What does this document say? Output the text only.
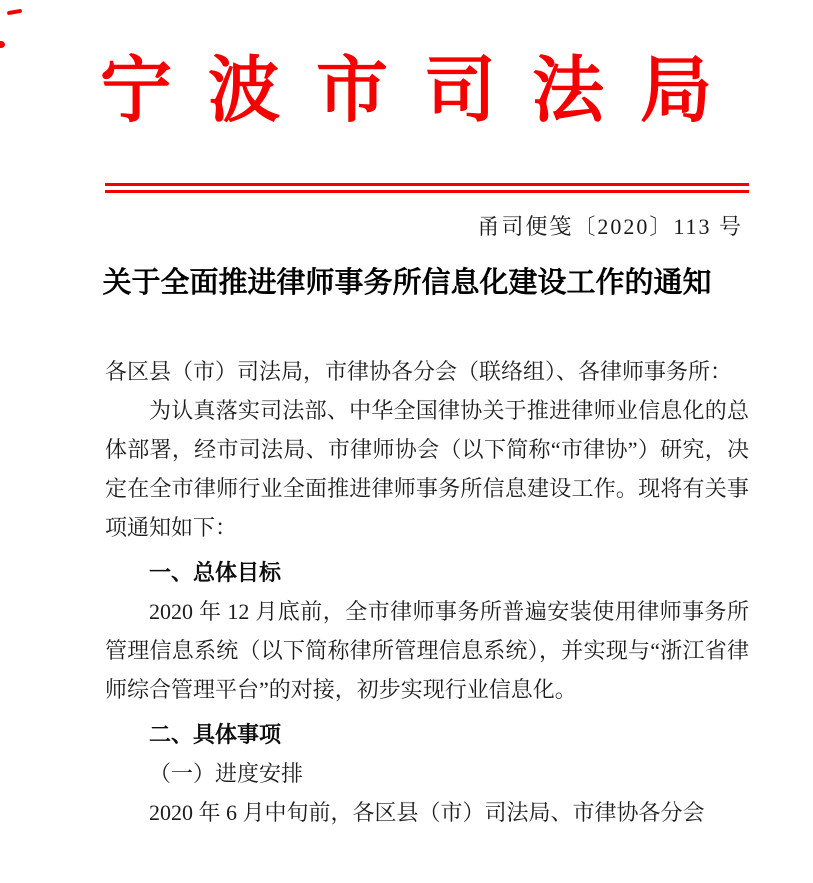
宁波市司法局
甬司便笺〔2020〕113 号
关于全面推进律师事务所信息化建设工作的通知

各区县（市）司法局，市律协各分会（联络组）、各律师事务所：

为认真落实司法部、中华全国律协关于推进律师业信息化的总体部署，经市司法局、市律师协会（以下简称“市律协”）研究，决定在全市律师行业全面推进律师事务所信息建设工作。现将有关事项通知如下：

一、总体目标

2020 年 12 月底前，全市律师事务所普遍安装使用律师事务所管理信息系统（以下简称律所管理信息系统），并实现与“浙江省律师综合管理平台”的对接，初步实现行业信息化。

二、具体事项
（一）进度安排

2020 年 6 月中旬前，各区县（市）司法局、市律协各分会
